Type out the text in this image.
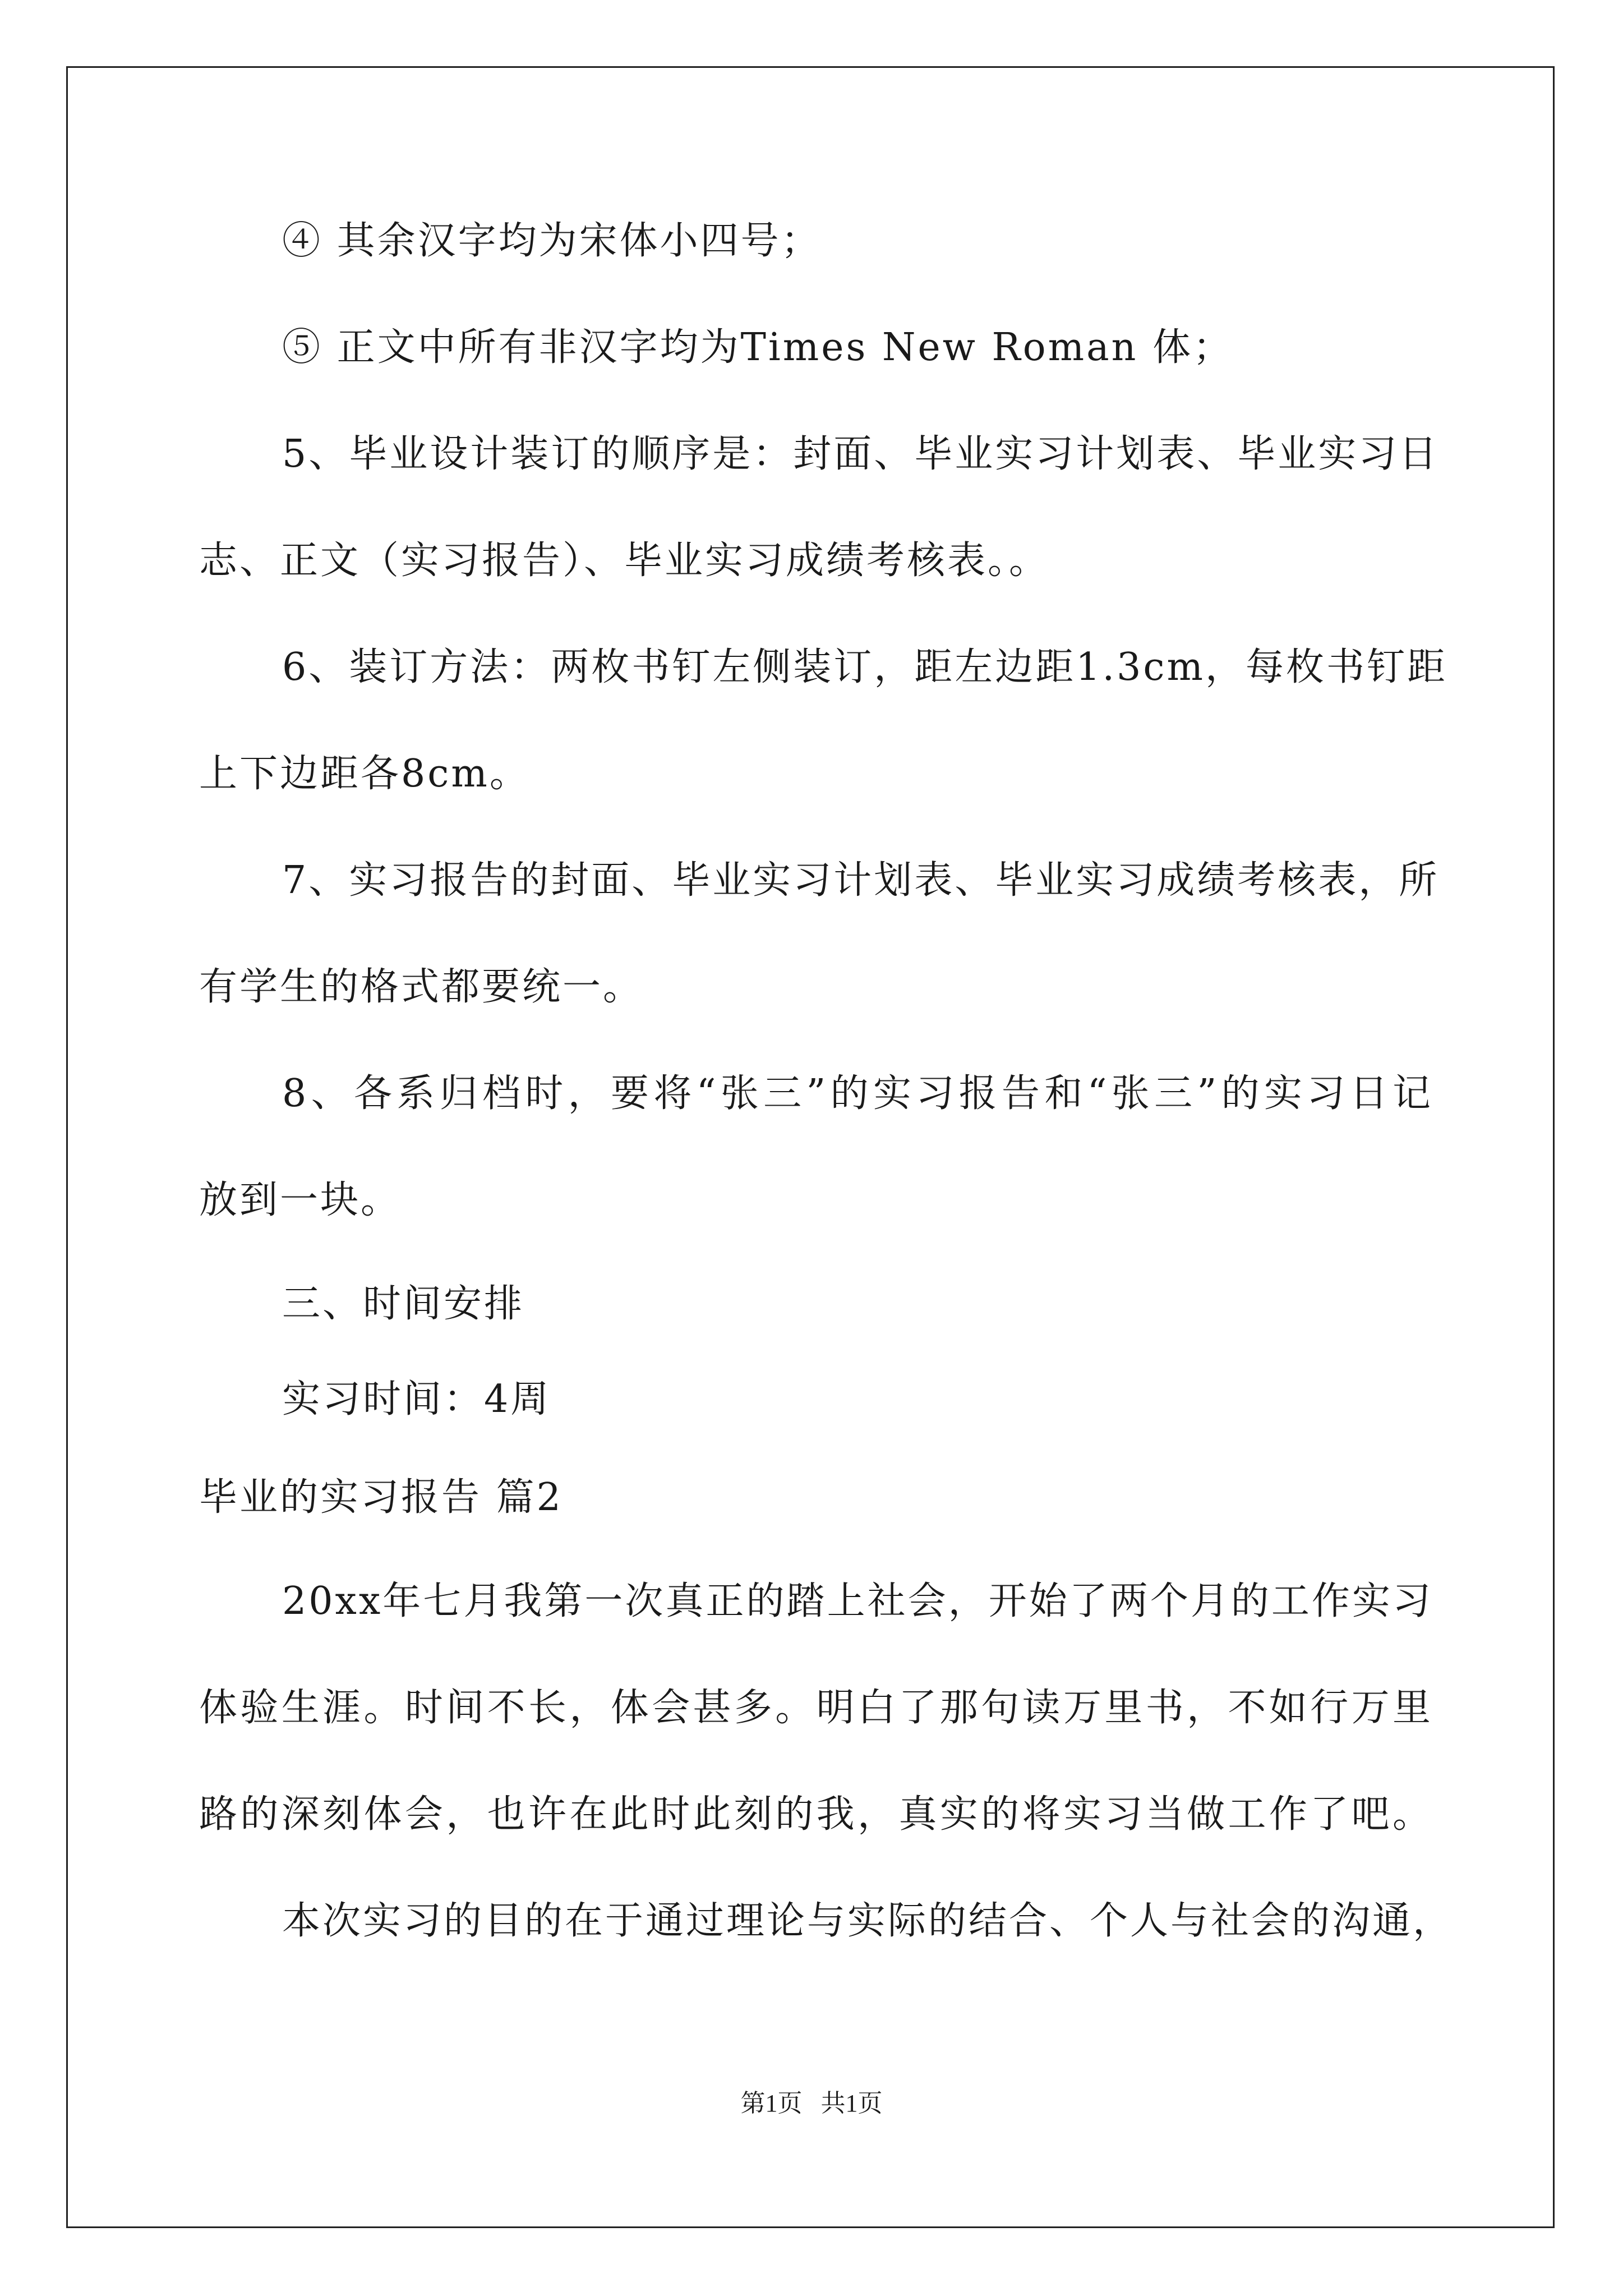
④ 其余汉字均为宋体小四号；
⑤ 正文中所有非汉字均为Times New Roman 体；
5、毕业设计装订的顺序是：封面、毕业实习计划表、毕业实习日
志、正文（实习报告）、毕业实习成绩考核表。。
6、装订方法：两枚书钉左侧装订，距左边距1.3cm，每枚书钉距
上下边距各8cm。
7、实习报告的封面、毕业实习计划表、毕业实习成绩考核表，所
有学生的格式都要统一。
8、各系归档时，要将“张三”的实习报告和“张三”的实习日记
放到一块。
三、时间安排
实习时间：4周
毕业的实习报告 篇2
20xx年七月我第一次真正的踏上社会，开始了两个月的工作实习
体验生涯。时间不长，体会甚多。明白了那句读万里书，不如行万里
路的深刻体会，也许在此时此刻的我，真实的将实习当做工作了吧。
本次实习的目的在于通过理论与实际的结合、个人与社会的沟通，
第1页   共1页
